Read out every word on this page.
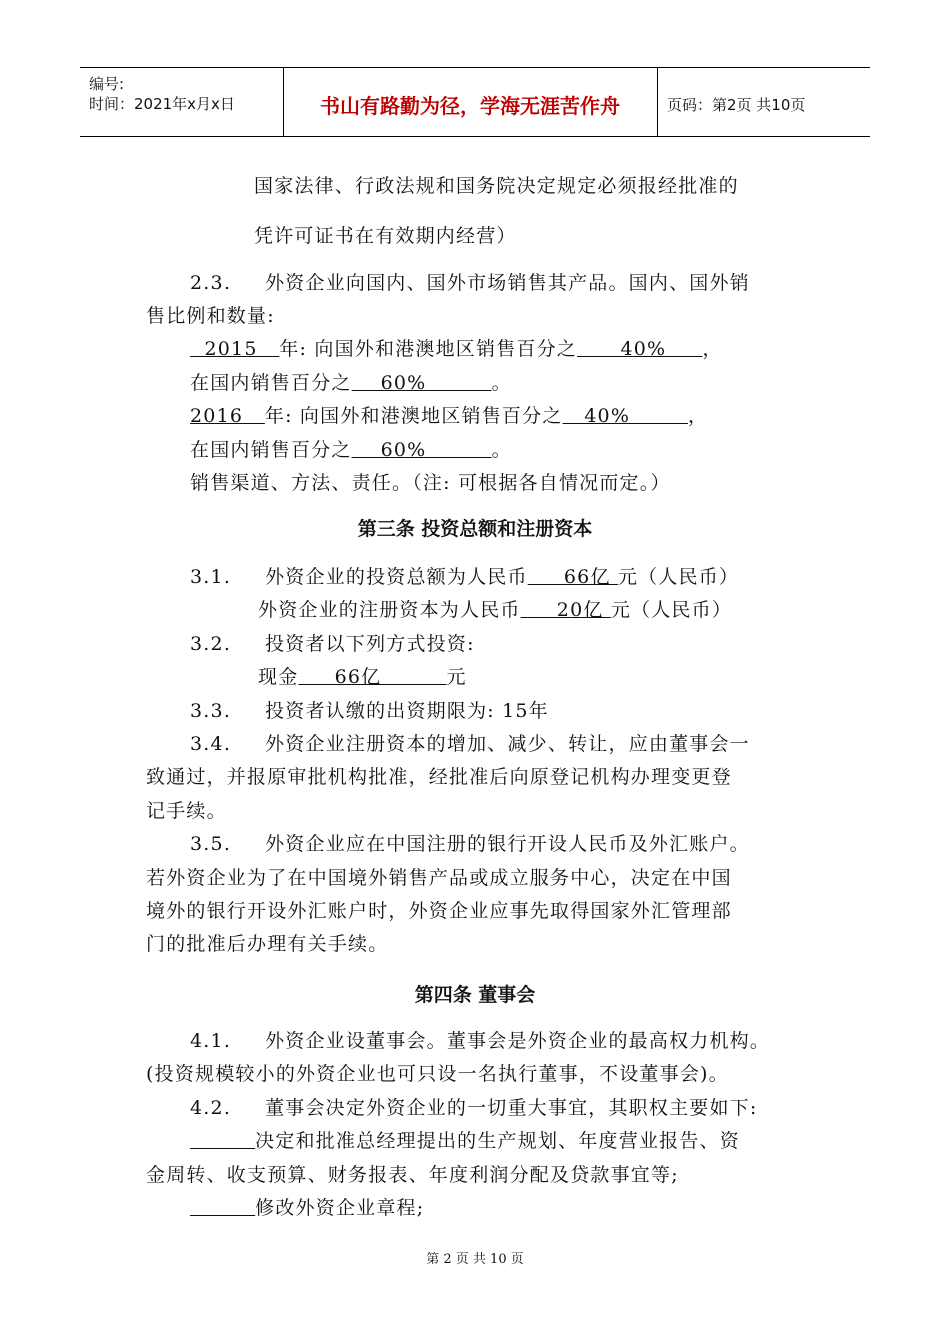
编号:
时间：2021年x月x日	书山有路勤为径，学海无涯苦作舟	页码：第2页 共10页
国家法律、行政法规和国务院决定规定必须报经批准的
凭许可证书在有效期内经营）
2.3. 外资企业向国内、国外市场销售其产品。国内、国外销
售比例和数量:
2015   年: 向国外和港澳地区销售百分之      40%     ，
在国内销售百分之    60%         。
2016   年: 向国外和港澳地区销售百分之   40%        ，
在国内销售百分之    60%         。
销售渠道、方法、责任。（注: 可根据各自情况而定。）
第三条 投资总额和注册资本
3.1. 外资企业的投资总额为人民币     66亿 元（人民币）
外资企业的注册资本为人民币     20亿 元（人民币）
3.2. 投资者以下列方式投资:
现金     66亿         元
3.3. 投资者认缴的出资期限为: 15年
3.4. 外资企业注册资本的增加、减少、转让，应由董事会一
致通过，并报原审批机构批准，经批准后向原登记机构办理变更登
记手续。
3.5. 外资企业应在中国注册的银行开设人民币及外汇账户。
若外资企业为了在中国境外销售产品或成立服务中心，决定在中国
境外的银行开设外汇账户时，外资企业应事先取得国家外汇管理部
门的批准后办理有关手续。
第四条 董事会
4.1. 外资企业设董事会。董事会是外资企业的最高权力机构。
(投资规模较小的外资企业也可只设一名执行董事，不设董事会)。
4.2. 董事会决定外资企业的一切重大事宜，其职权主要如下:
决定和批准总经理提出的生产规划、年度营业报告、资
金周转、收支预算、财务报表、年度利润分配及贷款事宜等;
修改外资企业章程;
第 2 页 共 10 页
